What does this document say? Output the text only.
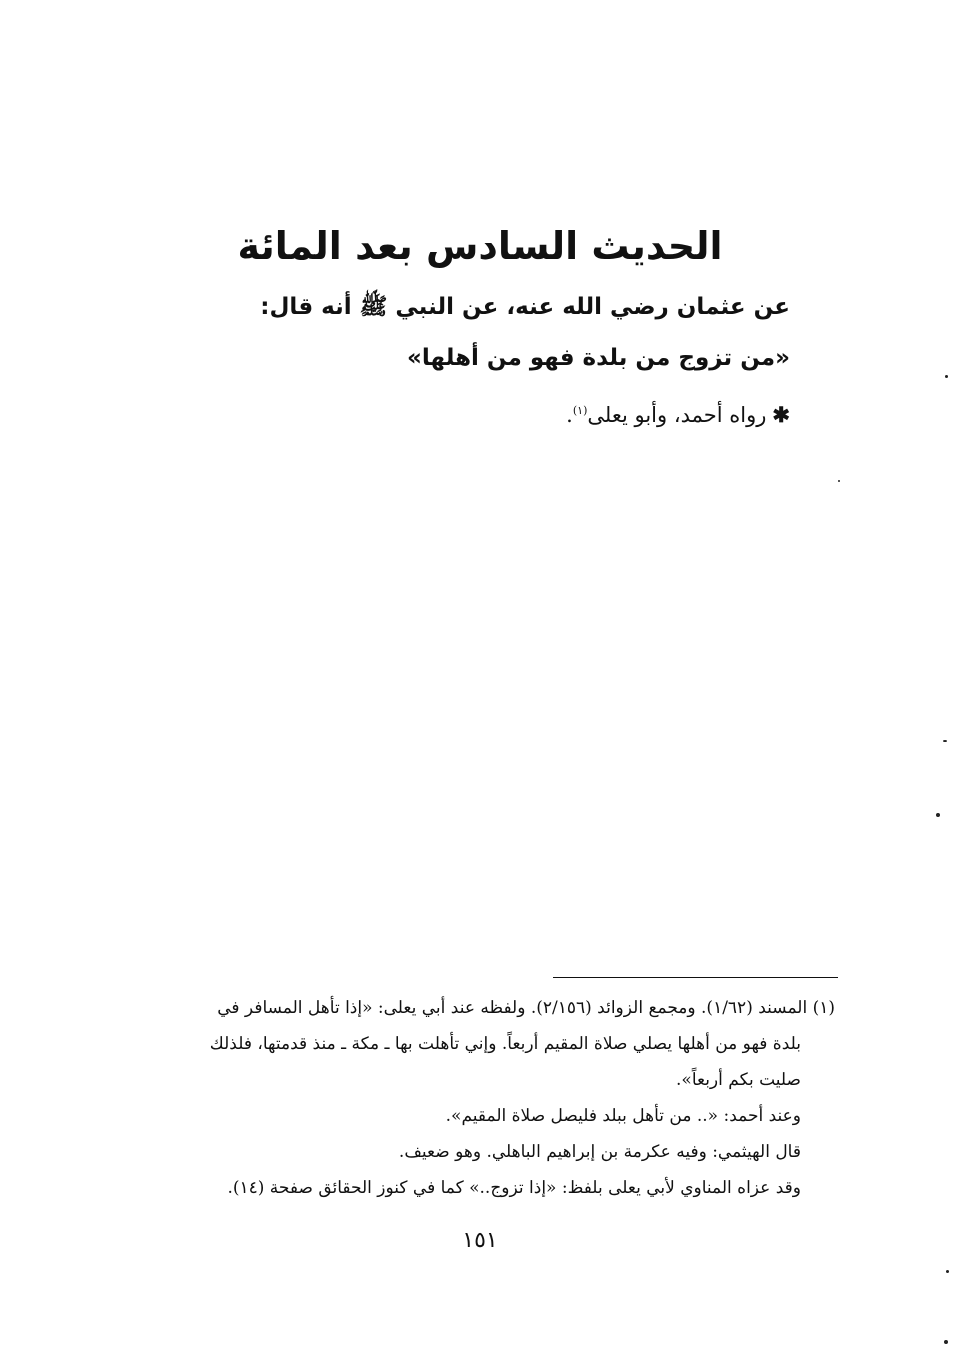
الحديث السادس بعد المائة
عن عثمان رضي الله عنه، عن النبي ﷺ أنه قال:
«من تزوج من بلدة فهو من أهلها»
✱رواه أحمد، وأبو يعلى$^{(١)}$.
(١) المسند (١/٦٢). ومجمع الزوائد (٢/١٥٦). ولفظه عند أبي يعلى: «إذا تأهل المسافر في
بلدة فهو من أهلها يصلي صلاة المقيم أربعاً. وإني تأهلت بها ـ مكة ـ منذ قدمتها، فلذلك
صليت بكم أربعاً».
وعند أحمد: «.. من تأهل ببلد فليصل صلاة المقيم».
قال الهيثمي: وفيه عكرمة بن إبراهيم الباهلي. وهو ضعيف.
وقد عزاه المناوي لأبي يعلى بلفظ: «إذا تزوج..» كما في كنوز الحقائق صفحة (١٤).
١٥١
